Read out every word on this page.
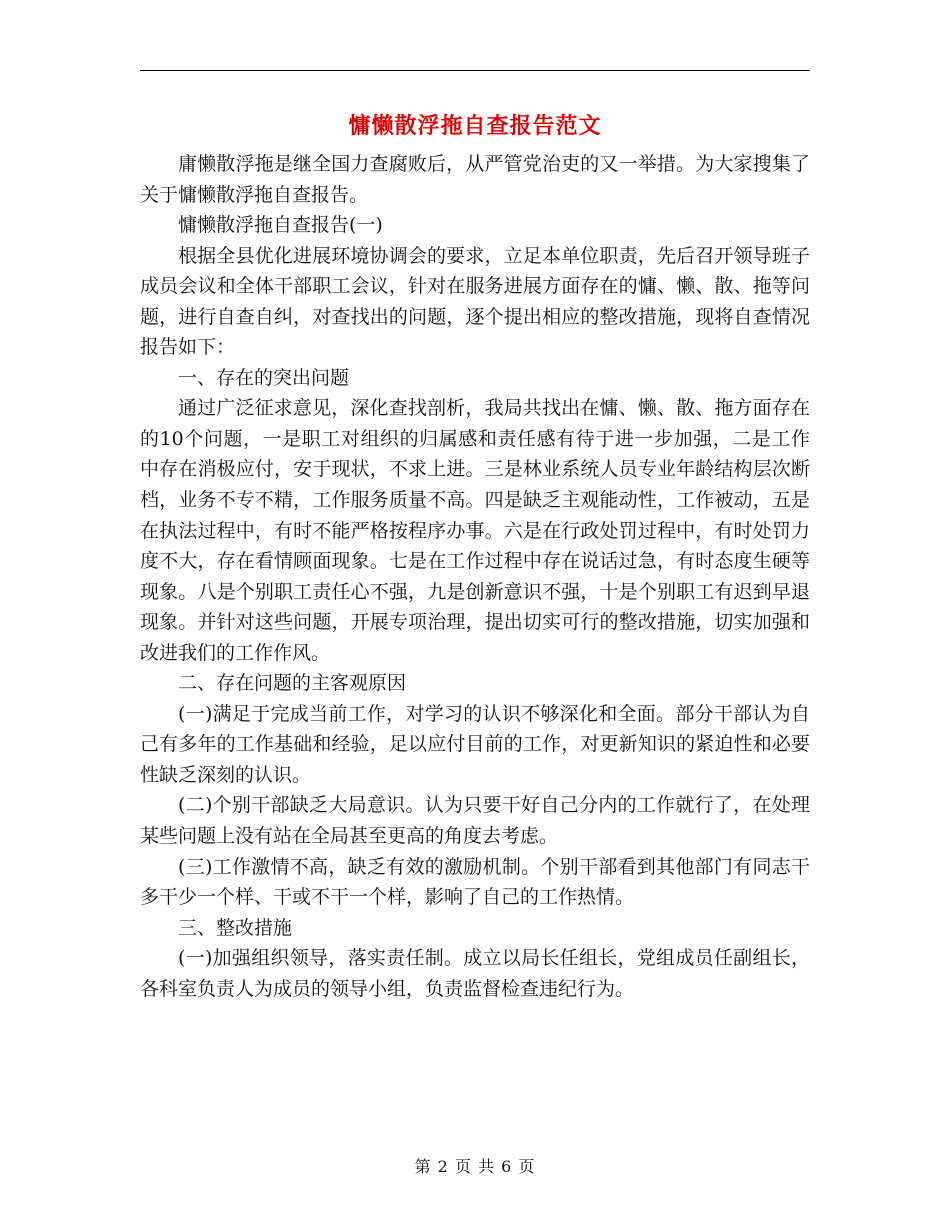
慵懒散浮拖自查报告范文

庸懒散浮拖是继全国力查腐败后，从严管党治吏的又一举措。为大家搜集了关于慵懒散浮拖自查报告。

慵懒散浮拖自查报告(一)

根据全县优化进展环境协调会的要求，立足本单位职责，先后召开领导班子成员会议和全体干部职工会议，针对在服务进展方面存在的慵、懒、散、拖等问题，进行自查自纠，对查找出的问题，逐个提出相应的整改措施，现将自查情况报告如下：

一、存在的突出问题

通过广泛征求意见，深化查找剖析，我局共找出在慵、懒、散、拖方面存在的10个问题，一是职工对组织的归属感和责任感有待于进一步加强，二是工作中存在消极应付，安于现状，不求上进。三是林业系统人员专业年龄结构层次断档，业务不专不精，工作服务质量不高。四是缺乏主观能动性，工作被动，五是在执法过程中，有时不能严格按程序办事。六是在行政处罚过程中，有时处罚力度不大，存在看情顾面现象。七是在工作过程中存在说话过急，有时态度生硬等现象。八是个别职工责任心不强，九是创新意识不强，十是个别职工有迟到早退现象。并针对这些问题，开展专项治理，提出切实可行的整改措施，切实加强和改进我们的工作作风。

二、存在问题的主客观原因

(一)满足于完成当前工作，对学习的认识不够深化和全面。部分干部认为自己有多年的工作基础和经验，足以应付目前的工作，对更新知识的紧迫性和必要性缺乏深刻的认识。

(二)个别干部缺乏大局意识。认为只要干好自己分内的工作就行了，在处理某些问题上没有站在全局甚至更高的角度去考虑。

(三)工作激情不高，缺乏有效的激励机制。个别干部看到其他部门有同志干多干少一个样、干或不干一个样，影响了自己的工作热情。

三、整改措施

(一)加强组织领导，落实责任制。成立以局长任组长，党组成员任副组长，各科室负责人为成员的领导小组，负责监督检查违纪行为。

第 2 页 共 6 页
